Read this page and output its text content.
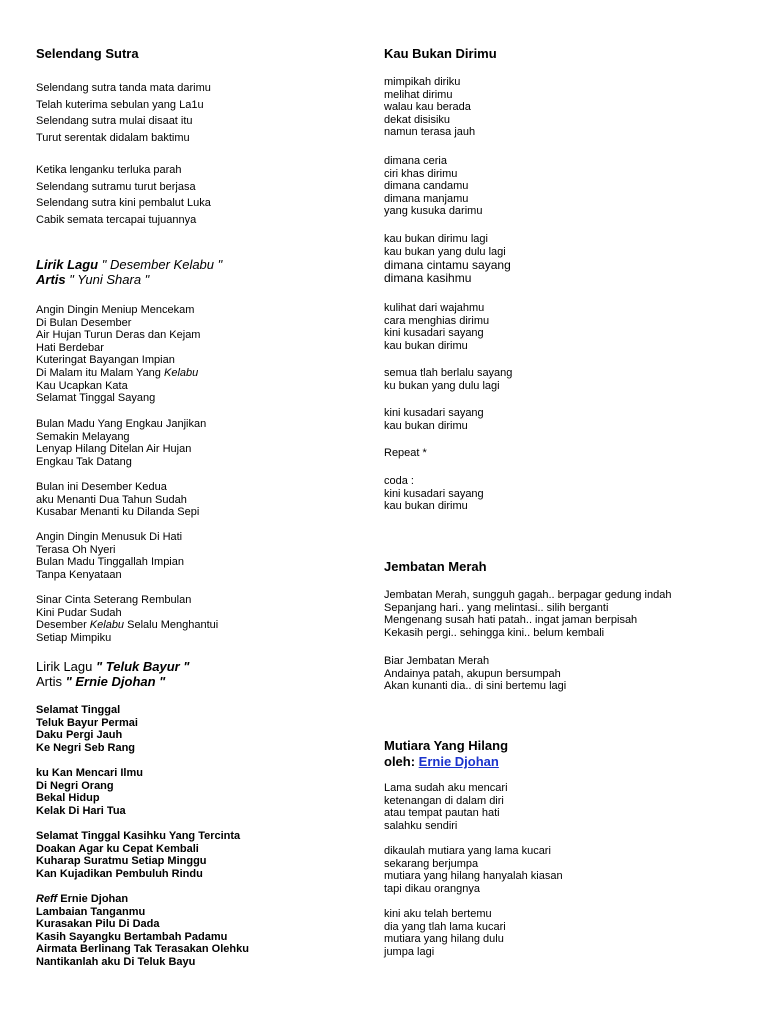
Selendang Sutra
Selendang sutra tanda mata darimu
Telah kuterima sebulan yang La1u
Selendang sutra mulai disaat itu
Turut serentak didalam baktimu
Ketika lenganku terluka parah
Selendang sutramu turut berjasa
Selendang sutra kini pembalut Luka
Cabik semata tercapai tujuannya
Lirik Lagu " Desember Kelabu "
Artis " Yuni Shara "
Angin Dingin Meniup Mencekam
Di Bulan Desember
Air Hujan Turun Deras dan Kejam
Hati Berdebar
Kuteringat Bayangan Impian
Di Malam itu Malam Yang Kelabu
Kau Ucapkan Kata
Selamat Tinggal Sayang
Bulan Madu Yang Engkau Janjikan
Semakin Melayang
Lenyap Hilang Ditelan Air Hujan
Engkau Tak Datang
Bulan ini Desember Kedua
aku Menanti Dua Tahun Sudah
Kusabar Menanti ku Dilanda Sepi
Angin Dingin Menusuk Di Hati
Terasa Oh Nyeri
Bulan Madu Tinggallah Impian
Tanpa Kenyataan
Sinar Cinta Seterang Rembulan
Kini Pudar Sudah
Desember Kelabu Selalu Menghantui
Setiap Mimpiku
Lirik Lagu " Teluk Bayur "
Artis " Ernie Djohan "
Selamat Tinggal
Teluk Bayur Permai
Daku Pergi Jauh
Ke Negri Seb Rang
ku Kan Mencari Ilmu
Di Negri Orang
Bekal Hidup
Kelak Di Hari Tua
Selamat Tinggal Kasihku Yang Tercinta
Doakan Agar ku Cepat Kembali
Kuharap Suratmu Setiap Minggu
Kan Kujadikan Pembuluh Rindu
Reff Ernie Djohan
Lambaian Tanganmu
Kurasakan Pilu Di Dada
Kasih Sayangku Bertambah Padamu
Airmata Berlinang Tak Terasakan Olehku
Nantikanlah aku Di Teluk Bayu
Kau Bukan Dirimu
mimpikah diriku
melihat dirimu
walau kau berada
dekat disisiku
namun terasa jauh
dimana ceria
ciri khas dirimu
dimana candamu
dimana manjamu
yang kusuka darimu
kau bukan dirimu lagi
kau bukan yang dulu lagi
dimana cintamu sayang
dimana kasihmu
kulihat dari wajahmu
cara menghias dirimu
kini kusadari sayang
kau bukan dirimu
semua tlah berlalu sayang
ku bukan yang dulu lagi
kini kusadari sayang
kau bukan dirimu
Repeat *
coda :
kini kusadari sayang
kau bukan dirimu
Jembatan Merah
Jembatan Merah, sungguh gagah.. berpagar gedung indah
Sepanjang hari.. yang melintasi.. silih berganti
Mengenang susah hati patah.. ingat jaman berpisah
Kekasih pergi.. sehingga kini.. belum kembali
Biar Jembatan Merah
Andainya patah, akupun bersumpah
Akan kunanti dia.. di sini bertemu lagi
Mutiara Yang Hilang
oleh: Ernie Djohan
Lama sudah aku mencari
ketenangan di dalam diri
atau tempat pautan hati
salahku sendiri
dikaulah mutiara yang lama kucari
sekarang berjumpa
mutiara yang hilang hanyalah kiasan
tapi dikau orangnya
kini aku telah bertemu
dia yang tlah lama kucari
mutiara yang hilang dulu
jumpa lagi
